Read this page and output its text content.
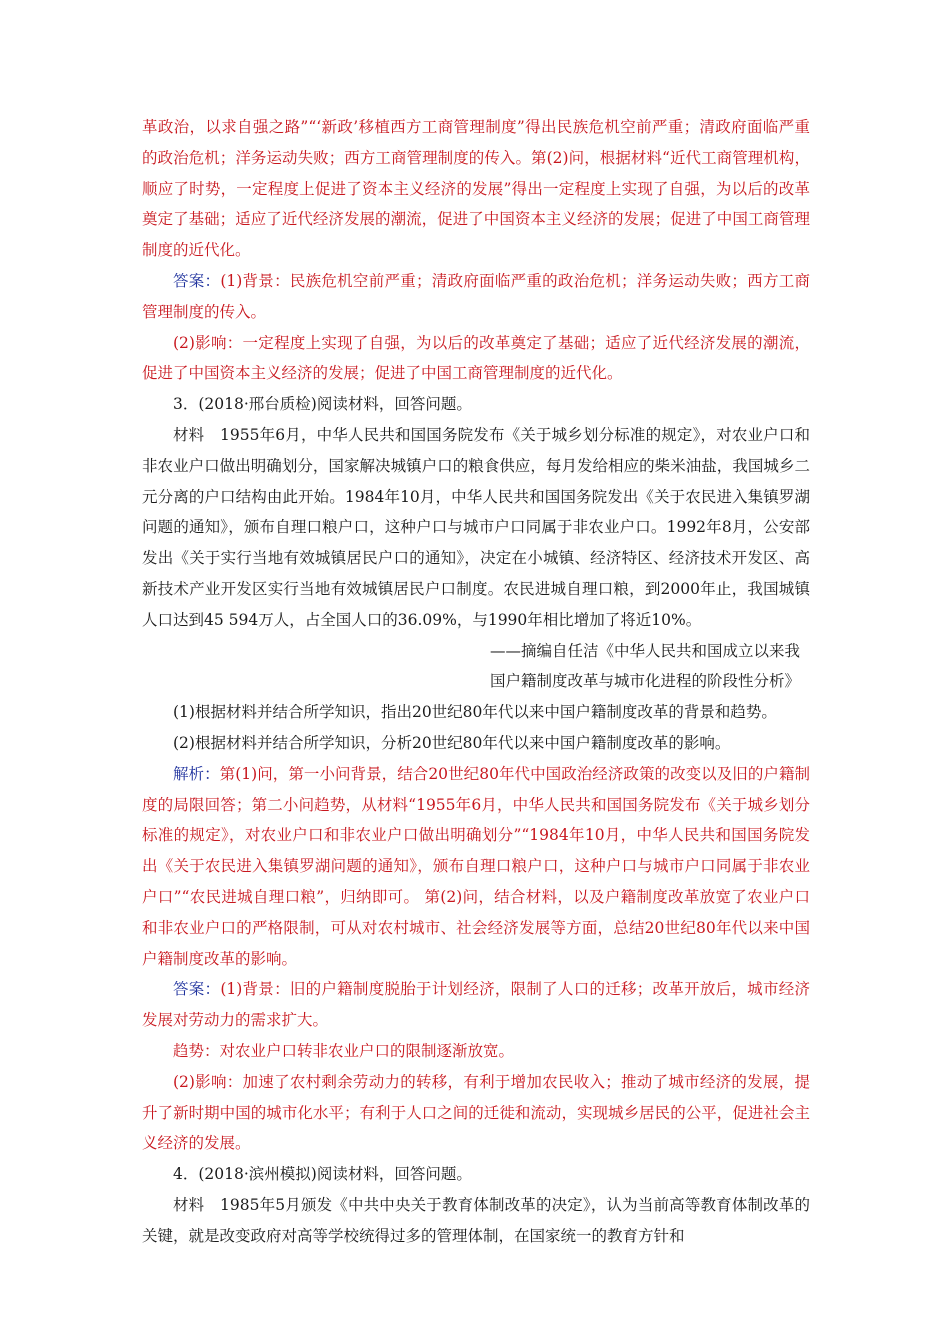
革政治，以求自强之路”“‘新政’移植西方工商管理制度”得出民族危机空前严重；清政府面临严重的政治危机；洋务运动失败；西方工商管理制度的传入。第(2)问，根据材料“近代工商管理机构，顺应了时势，一定程度上促进了资本主义经济的发展”得出一定程度上实现了自强，为以后的改革奠定了基础；适应了近代经济发展的潮流，促进了中国资本主义经济的发展；促进了中国工商管理制度的近代化。

答案：(1)背景：民族危机空前严重；清政府面临严重的政治危机；洋务运动失败；西方工商管理制度的传入。

(2)影响：一定程度上实现了自强，为以后的改革奠定了基础；适应了近代经济发展的潮流，促进了中国资本主义经济的发展；促进了中国工商管理制度的近代化。

3．(2018·邢台质检)阅读材料，回答问题。

材料　1955年6月，中华人民共和国国务院发布《关于城乡划分标准的规定》，对农业户口和非农业户口做出明确划分，国家解决城镇户口的粮食供应，每月发给相应的柴米油盐，我国城乡二元分离的户口结构由此开始。1984年10月，中华人民共和国国务院发出《关于农民进入集镇罗湖问题的通知》，颁布自理口粮户口，这种户口与城市户口同属于非农业户口。1992年8月，公安部发出《关于实行当地有效城镇居民户口的通知》，决定在小城镇、经济特区、经济技术开发区、高新技术产业开发区实行当地有效城镇居民户口制度。农民进城自理口粮，到2000年止，我国城镇人口达到45 594万人，占全国人口的36.09%，与1990年相比增加了将近10%。

——摘编自任洁《中华人民共和国成立以来我

国户籍制度改革与城市化进程的阶段性分析》

(1)根据材料并结合所学知识，指出20世纪80年代以来中国户籍制度改革的背景和趋势。

(2)根据材料并结合所学知识，分析20世纪80年代以来中国户籍制度改革的影响。

解析：第(1)问，第一小问背景，结合20世纪80年代中国政治经济政策的改变以及旧的户籍制度的局限回答；第二小问趋势，从材料“1955年6月，中华人民共和国国务院发布《关于城乡划分标准的规定》，对农业户口和非农业户口做出明确划分”“1984年10月，中华人民共和国国务院发出《关于农民进入集镇罗湖问题的通知》，颁布自理口粮户口，这种户口与城市户口同属于非农业户口”“农民进城自理口粮”，归纳即可。 第(2)问，结合材料，以及户籍制度改革放宽了农业户口和非农业户口的严格限制，可从对农村城市、社会经济发展等方面，总结20世纪80年代以来中国户籍制度改革的影响。

答案：(1)背景：旧的户籍制度脱胎于计划经济，限制了人口的迁移；改革开放后，城市经济发展对劳动力的需求扩大。

趋势：对农业户口转非农业户口的限制逐渐放宽。

(2)影响：加速了农村剩余劳动力的转移，有利于增加农民收入；推动了城市经济的发展，提升了新时期中国的城市化水平；有利于人口之间的迁徙和流动，实现城乡居民的公平，促进社会主义经济的发展。

4．(2018·滨州模拟)阅读材料，回答问题。

材料　1985年5月颁发《中共中央关于教育体制改革的决定》，认为当前高等教育体制改革的关键，就是改变政府对高等学校统得过多的管理体制，在国家统一的教育方针和
